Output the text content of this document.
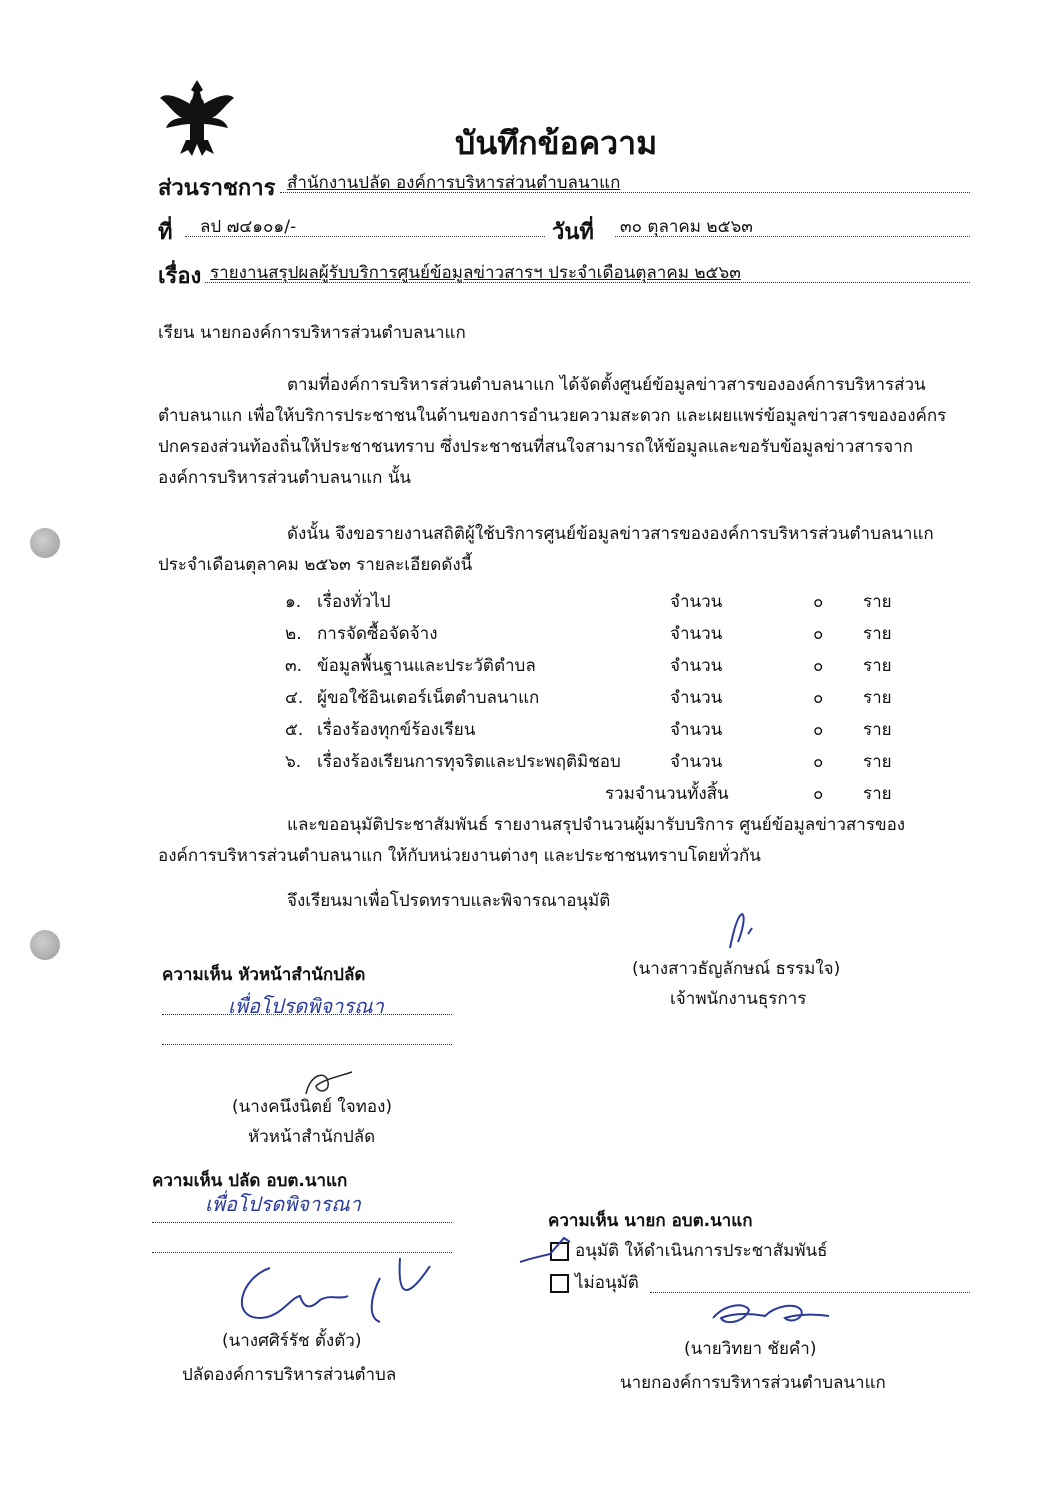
บันทึกข้อความ
ส่วนราชการ สำนักงานปลัด องค์การบริหารส่วนตำบลนาแก
ที่ ลป ๗๔๑๐๑/-	วันที่ ๓๐ ตุลาคม ๒๕๖๓
เรื่อง รายงานสรุปผลผู้รับบริการศูนย์ข้อมูลข่าวสารฯ ประจำเดือนตุลาคม ๒๕๖๓
เรียน นายกองค์การบริหารส่วนตำบลนาแก
ตามที่องค์การบริหารส่วนตำบลนาแก ได้จัดตั้งศูนย์ข้อมูลข่าวสารขององค์การบริหารส่วน
ตำบลนาแก เพื่อให้บริการประชาชนในด้านของการอำนวยความสะดวก และเผยแพร่ข้อมูลข่าวสารขององค์กร
ปกครองส่วนท้องถิ่นให้ประชาชนทราบ ซึ่งประชาชนที่สนใจสามารถให้ข้อมูลและขอรับข้อมูลข่าวสารจาก
องค์การบริหารส่วนตำบลนาแก นั้น
ดังนั้น จึงขอรายงานสถิติผู้ใช้บริการศูนย์ข้อมูลข่าวสารขององค์การบริหารส่วนตำบลนาแก
ประจำเดือนตุลาคม ๒๕๖๓ รายละเอียดดังนี้
๑. เรื่องทั่วไป	จำนวน	๐ ราย
๒. การจัดซื้อจัดจ้าง	จำนวน	๐ ราย
๓. ข้อมูลพื้นฐานและประวัติตำบล	จำนวน	๐ ราย
๔. ผู้ขอใช้อินเตอร์เน็ตตำบลนาแก	จำนวน	๐ ราย
๕. เรื่องร้องทุกข์ร้องเรียน	จำนวน	๐ ราย
๖. เรื่องร้องเรียนการทุจริตและประพฤติมิชอบ	จำนวน	๐ ราย
รวมจำนวนทั้งสิ้น	๐ ราย
และขออนุมัติประชาสัมพันธ์ รายงานสรุปจำนวนผู้มารับบริการ ศูนย์ข้อมูลข่าวสารของ
องค์การบริหารส่วนตำบลนาแก ให้กับหน่วยงานต่างๆ และประชาชนทราบโดยทั่วกัน
จึงเรียนมาเพื่อโปรดทราบและพิจารณาอนุมัติ
(นางสาวธัญลักษณ์ ธรรมใจ)
เจ้าพนักงานธุรการ
ความเห็น หัวหน้าสำนักปลัด
เพื่อโปรดพิจารณา
(นางคนึงนิตย์ ใจทอง)
หัวหน้าสำนักปลัด
ความเห็น ปลัด อบต.นาแก
เพื่อโปรดพิจารณา
(นางศศิร์รัช ตั้งตัว)
ปลัดองค์การบริหารส่วนตำบล
ความเห็น นายก อบต.นาแก
อนุมัติ ให้ดำเนินการประชาสัมพันธ์
ไม่อนุมัติ
(นายวิทยา ชัยคำ)
นายกองค์การบริหารส่วนตำบลนาแก
